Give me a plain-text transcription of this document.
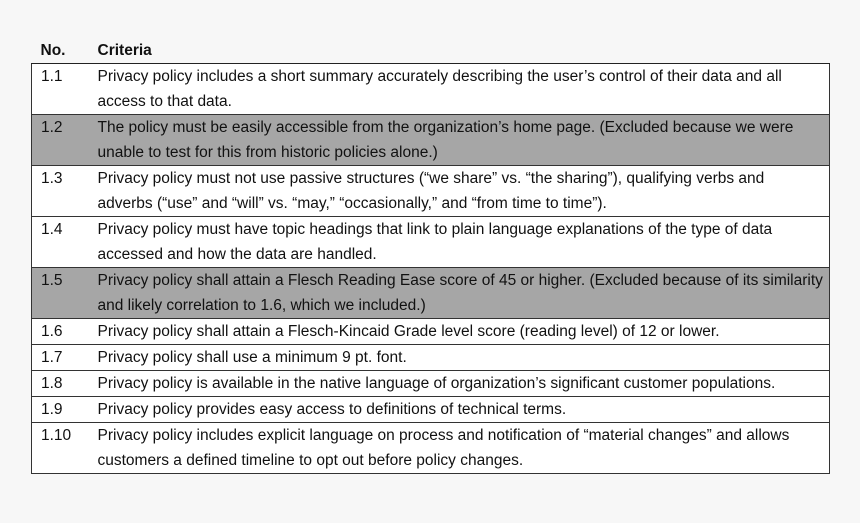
No.	Criteria
1.1	Privacy policy includes a short summary accurately describing the user’s control of their data and all access to that data.
1.2	The policy must be easily accessible from the organization’s home page. (Excluded because we were unable to test for this from historic policies alone.)
1.3	Privacy policy must not use passive structures (“we share” vs. “the sharing”), qualifying verbs and adverbs (“use” and “will” vs. “may,” “occasionally,” and “from time to time”).
1.4	Privacy policy must have topic headings that link to plain language explanations of the type of data accessed and how the data are handled.
1.5	Privacy policy shall attain a Flesch Reading Ease score of 45 or higher. (Excluded because of its similarity and likely correlation to 1.6, which we included.)
1.6	Privacy policy shall attain a Flesch-Kincaid Grade level score (reading level) of 12 or lower.
1.7	Privacy policy shall use a minimum 9 pt. font.
1.8	Privacy policy is available in the native language of organization’s significant customer populations.
1.9	Privacy policy provides easy access to definitions of technical terms.
1.10	Privacy policy includes explicit language on process and notification of “material changes” and allows customers a defined timeline to opt out before policy changes.
